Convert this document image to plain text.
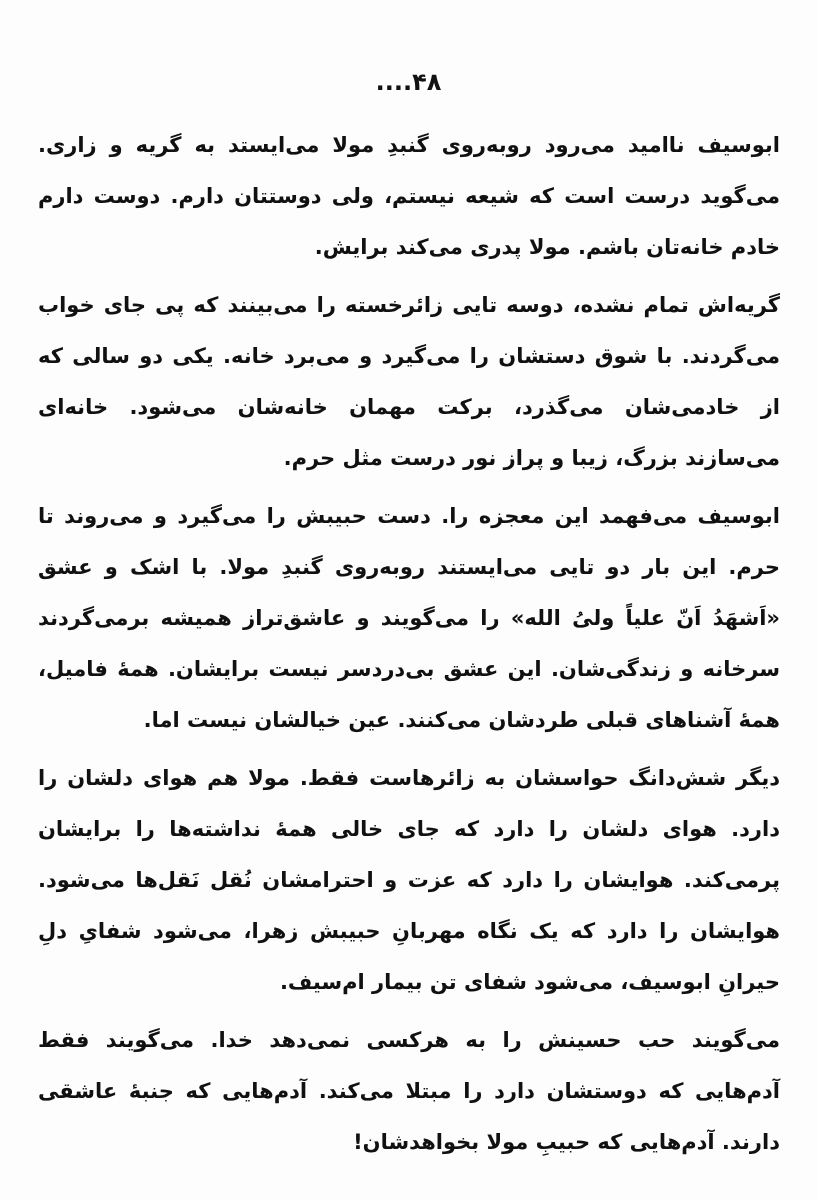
۴۸....

ابوسیف ناامید می‌رود روبه‌روی گنبدِ مولا می‌ایستد به گریه و زاری. می‌گوید درست است که شیعه نیستم، ولی دوستتان دارم. دوست دارم خادم خانه‌تان باشم. مولا پدری می‌کند برایش.

گریه‌اش تمام نشده، دوسه تایی زائرخسته را می‌بینند که پی جای خواب می‌گردند. با شوق دستشان را می‌گیرد و می‌برد خانه. یکی دو سالی که از خادمی‌شان می‌گذرد، برکت مهمان خانه‌شان می‌شود. خانه‌ای می‌سازند بزرگ، زیبا و پراز نور درست مثل حرم.

ابوسیف می‌فهمد این معجزه را. دست حبیبش را می‌گیرد و می‌روند تا حرم. این بار دو تایی می‌ایستند روبه‌روی گنبدِ مولا. با اشک و عشق «اَشهَدُ اَنّ علیاً ولیُ الله» را می‌گویند و عاشق‌تراز همیشه برمی‌گردند سرخانه و زندگی‌شان. این عشق بی‌دردسر نیست برایشان. همهٔ فامیل، همهٔ آشناهای قبلی طردشان می‌کنند. عین خیالشان نیست اما.

دیگر شش‌دانگ حواسشان به زائرهاست فقط. مولا هم هوای دلشان را دارد. هوای دلشان را دارد که جای خالی همهٔ نداشته‌ها را برایشان پرمی‌کند. هوایشان را دارد که عزت و احترامشان نُقل نَقل‌ها می‌شود. هوایشان را دارد که یک نگاه مهربانِ حبیبش زهرا، می‌شود شفایِ دلِ حیرانِ ابوسیف، می‌شود شفای تن بیمار ام‌سیف.

می‌گویند حب حسینش را به هرکسی نمی‌دهد خدا. می‌گویند فقط آدم‌هایی که دوستشان دارد را مبتلا می‌کند. آدم‌هایی که جنبهٔ عاشقی دارند. آدم‌هایی که حبیبِ مولا بخواهدشان!
